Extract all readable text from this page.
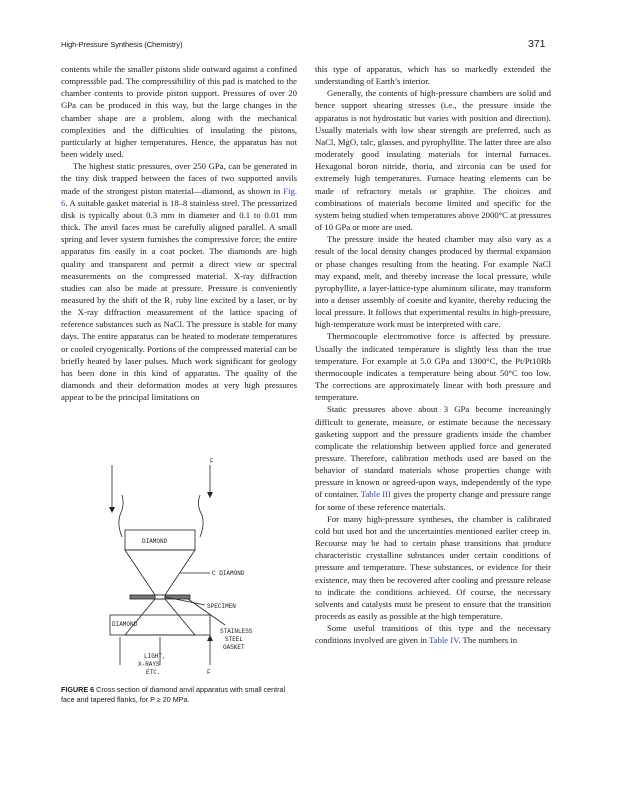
High-Pressure Synthesis (Chemistry)	371

contents while the smaller pistons slide outward against a confined compressible pad. The compressibility of this pad is matched to the chamber contents to provide piston support. Pressures of over 20 GPa can be produced in this way, but the large changes in the chamber shape are a problem, along with the mechanical complexities and the difficulties of insulating the pistons, particularly at higher temperatures. Hence, the apparatus has not been widely used.

The highest static pressures, over 250 GPa, can be generated in the tiny disk trapped between the faces of two supported anvils made of the strongest piston material—diamond, as shown in Fig. 6. A suitable gasket material is 18–8 stainless steel. The pressurized disk is typically about 0.3 mm in diameter and 0.1 to 0.01 mm thick. The anvil faces must be carefully aligned parallel. A small spring and lever system furnishes the compressive force; the entire apparatus fits easily in a coat pocket. The diamonds are high quality and transparent and permit a direct view or spectral measurements on the compressed material. X-ray diffraction studies can also be made at pressure. Pressure is conveniently measured by the shift of the R₁ ruby line excited by a laser, or by the X-ray diffraction measurement of the lattice spacing of reference substances such as NaCl. The pressure is stable for many days. The entire apparatus can be heated to moderate temperatures or cooled cryogenically. Portions of the compressed material can be briefly heated by laser pulses. Much work significant for geology has been done in this kind of apparatus. The quality of the diamonds and their deformation modes at very high pressures appear to be the principal limitations on

F
DIAMOND
C DIAMOND
SPECIMEN
DIAMOND
STAINLESS
STEEL
GASKET
LIGHT,
X-RAYS
ETC.	F
FIGURE 6 Cross section of diamond anvil apparatus with small central face and tapered flanks, for P ≥ 20 MPa.

this type of apparatus, which has so markedly extended the understanding of Earth’s interior.

Generally, the contents of high-pressure chambers are solid and hence support shearing stresses (i.e., the pressure inside the apparatus is not hydrostatic but varies with position and direction). Usually materials with low shear strength are preferred, such as NaCl, MgO, talc, glasses, and pyrophyllite. The latter three are also moderately good insulating materials for internal furnaces. Hexagonal boron nitride, thoria, and zirconia can be used for extremely high temperatures. Furnace heating elements can be made of refractory metals or graphite. The choices and combinations of materials become limited and specific for the system being studied when temperatures above 2000°C at pressures of 10 GPa or more are used.

The pressure inside the heated chamber may also vary as a result of the local density changes produced by thermal expansion or phase changes resulting from the heating. For example NaCl may expand, melt, and thereby increase the local pressure, while pyrophyllite, a layer-lattice-type aluminum silicate, may transform into a denser assembly of coesite and kyanite, thereby reducing the local pressure. It follows that experimental results in high-pressure, high-temperature work must be interpreted with care.

Thermocouple electromotive force is affected by pressure. Usually the indicated temperature is slightly less than the true temperature. For example at 5.0 GPa and 1300°C, the Pt/Pt10Rh thermocouple indicates a temperature being about 50°C too low. The corrections are approximately linear with both pressure and temperature.

Static pressures above about 3 GPa become increasingly difficult to generate, measure, or estimate because the necessary gasketing support and the pressure gradients inside the chamber complicate the relationship between applied force and generated pressure. Therefore, calibration methods used are based on the behavior of standard materials whose properties change with pressure in known or agreed-upon ways, independently of the type of container. Table III gives the property change and pressure range for some of these reference materials.

For many high-pressure syntheses, the chamber is calibrated cold but used hot and the uncertainties mentioned earlier creep in. Recourse may be had to certain phase transitions that produce characteristic crystalline substances under certain conditions of pressure and temperature. These substances, or evidence for their existence, may then be recovered after cooling and pressure release to indicate the conditions achieved. Of course, the necessary solvents and catalysts must be present to ensure that the transition proceeds as easily as possible at the high temperature.

Some useful transitions of this type and the necessary conditions involved are given in Table IV. The numbers in
